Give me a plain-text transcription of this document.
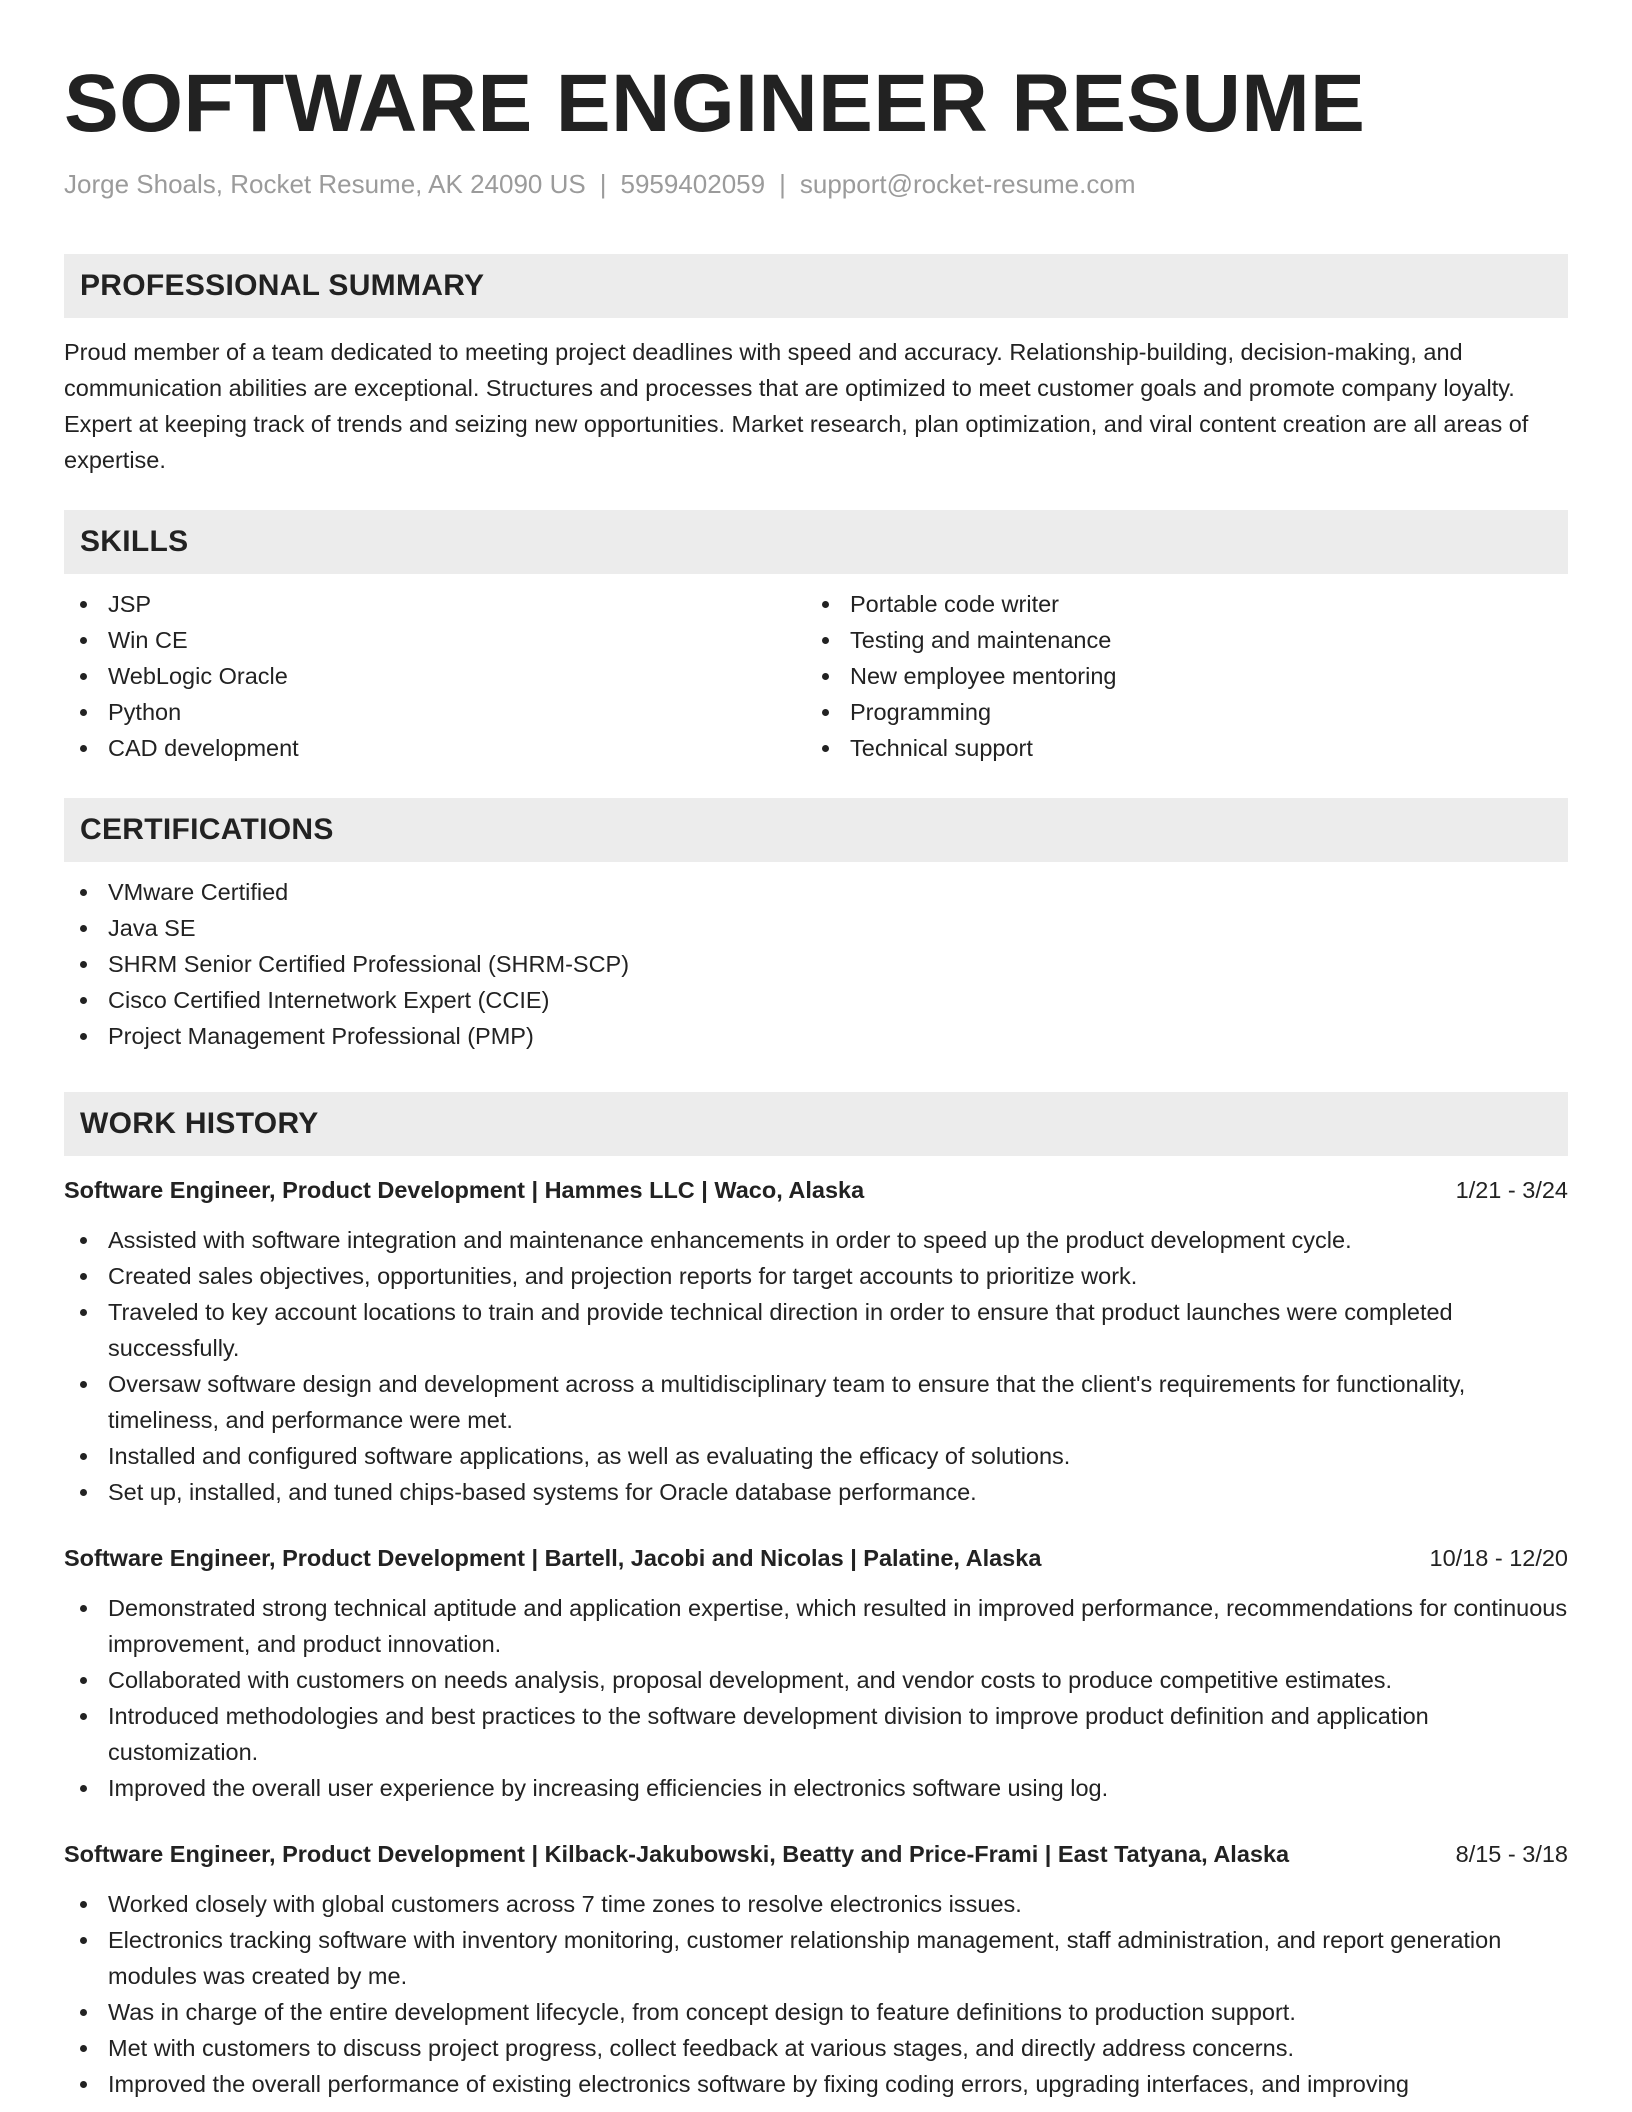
SOFTWARE ENGINEER RESUME
Jorge Shoals, Rocket Resume, AK 24090 US | 5959402059 | support@rocket-resume.com
PROFESSIONAL SUMMARY

Proud member of a team dedicated to meeting project deadlines with speed and accuracy. Relationship-building, decision-making, and communication abilities are exceptional. Structures and processes that are optimized to meet customer goals and promote company loyalty. Expert at keeping track of trends and seizing new opportunities. Market research, plan optimization, and viral content creation are all areas of expertise.

SKILLS
JSP
Win CE
WebLogic Oracle
Python
CAD development
Portable code writer
Testing and maintenance
New employee mentoring
Programming
Technical support
CERTIFICATIONS
VMware Certified
Java SE
SHRM Senior Certified Professional (SHRM-SCP)
Cisco Certified Internetwork Expert (CCIE)
Project Management Professional (PMP)
WORK HISTORY
Software Engineer, Product Development | Hammes LLC | Waco, Alaska	1/21 - 3/24
Assisted with software integration and maintenance enhancements in order to speed up the product development cycle.
Created sales objectives, opportunities, and projection reports for target accounts to prioritize work.
Traveled to key account locations to train and provide technical direction in order to ensure that product launches were completed successfully.
Oversaw software design and development across a multidisciplinary team to ensure that the client's requirements for functionality, timeliness, and performance were met.
Installed and configured software applications, as well as evaluating the efficacy of solutions.
Set up, installed, and tuned chips-based systems for Oracle database performance.
Software Engineer, Product Development | Bartell, Jacobi and Nicolas | Palatine, Alaska	10/18 - 12/20
Demonstrated strong technical aptitude and application expertise, which resulted in improved performance, recommendations for continuous improvement, and product innovation.
Collaborated with customers on needs analysis, proposal development, and vendor costs to produce competitive estimates.
Introduced methodologies and best practices to the software development division to improve product definition and application customization.
Improved the overall user experience by increasing efficiencies in electronics software using log.
Software Engineer, Product Development | Kilback-Jakubowski, Beatty and Price-Frami | East Tatyana, Alaska	8/15 - 3/18
Worked closely with global customers across 7 time zones to resolve electronics issues.
Electronics tracking software with inventory monitoring, customer relationship management, staff administration, and report generation modules was created by me.
Was in charge of the entire development lifecycle, from concept design to feature definitions to production support.
Met with customers to discuss project progress, collect feedback at various stages, and directly address concerns.
Improved the overall performance of existing electronics software by fixing coding errors, upgrading interfaces, and improving
